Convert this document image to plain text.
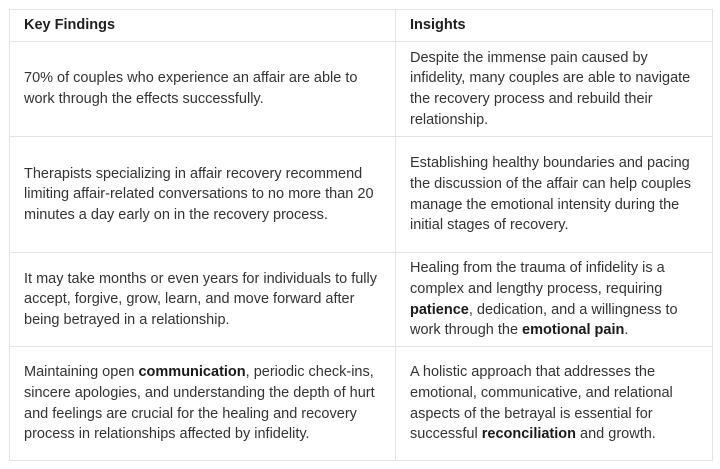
Key Findings	Insights

70% of couples who experience an affair are able to work through the effects successfully.	Despite the immense pain caused by infidelity, many couples are able to navigate the recovery process and rebuild their relationship.

Therapists specializing in affair recovery recommend limiting affair-related conversations to no more than 20 minutes a day early on in the recovery process.	Establishing healthy boundaries and pacing the discussion of the affair can help couples manage the emotional intensity during the initial stages of recovery.

It may take months or even years for individuals to fully accept, forgive, grow, learn, and move forward after being betrayed in a relationship.	Healing from the trauma of infidelity is a complex and lengthy process, requiring patience, dedication, and a willingness to work through the emotional pain.

Maintaining open communication, periodic check-ins, sincere apologies, and understanding the depth of hurt and feelings are crucial for the healing and recovery process in relationships affected by infidelity.	A holistic approach that addresses the emotional, communicative, and relational aspects of the betrayal is essential for successful reconciliation and growth.
